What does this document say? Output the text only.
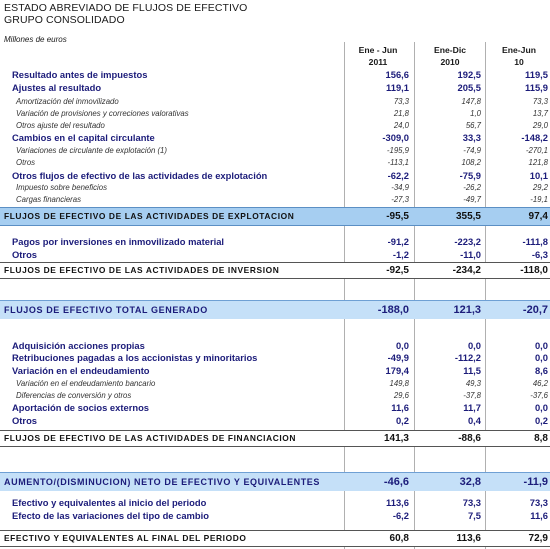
ESTADO ABREVIADO DE FLUJOS DE EFECTIVO
GRUPO CONSOLIDADO
Millones de euros
Ene - Jun
2011
Ene-Dic
2010
Ene-Jun
10
Resultado antes de impuestos	156,6	192,5	119,5
Ajustes al resultado	119,1	205,5	115,9
Amortización del inmovilizado	73,3	147,8	73,3
Variación de provisiones y correciones valorativas	21,8	1,0	13,7
Otros ajuste del resultado	24,0	56,7	29,0
Cambios en el capital circulante	-309,0	33,3	-148,2
Variaciones de circulante de explotación (1)	-195,9	-74,9	-270,1
Otros	-113,1	108,2	121,8
Otros flujos de efectivo de las actividades de explotación	-62,2	-75,9	10,1
Impuesto sobre beneficios	-34,9	-26,2	29,2
Cargas financieras	-27,3	-49,7	-19,1
FLUJOS DE EFECTIVO DE LAS ACTIVIDADES DE EXPLOTACION	-95,5	355,5	97,4
Pagos por inversiones en inmovilizado material	-91,2	-223,2	-111,8
Otros	-1,2	-11,0	-6,3
FLUJOS DE EFECTIVO DE LAS ACTIVIDADES DE INVERSION	-92,5	-234,2	-118,0
FLUJOS DE EFECTIVO TOTAL GENERADO	-188,0	121,3	-20,7
Adquisición acciones propias	0,0	0,0	0,0
Retribuciones pagadas a los accionistas y minoritarios	-49,9	-112,2	0,0
Variación en el endeudamiento	179,4	11,5	8,6
Variación en el endeudamiento bancario	149,8	49,3	46,2
Diferencias de conversión y otros	29,6	-37,8	-37,6
Aportación de socios externos	11,6	11,7	0,0
Otros	0,2	0,4	0,2
FLUJOS DE EFECTIVO DE LAS ACTIVIDADES DE FINANCIACION	141,3	-88,6	8,8
AUMENTO/(DISMINUCION) NETO DE EFECTIVO Y EQUIVALENTES	-46,6	32,8	-11,9
Efectivo y equivalentes al inicio del periodo	113,6	73,3	73,3
Efecto de las variaciones del tipo de cambio	-6,2	7,5	11,6
EFECTIVO Y EQUIVALENTES AL FINAL DEL PERIODO	60,8	113,6	72,9
